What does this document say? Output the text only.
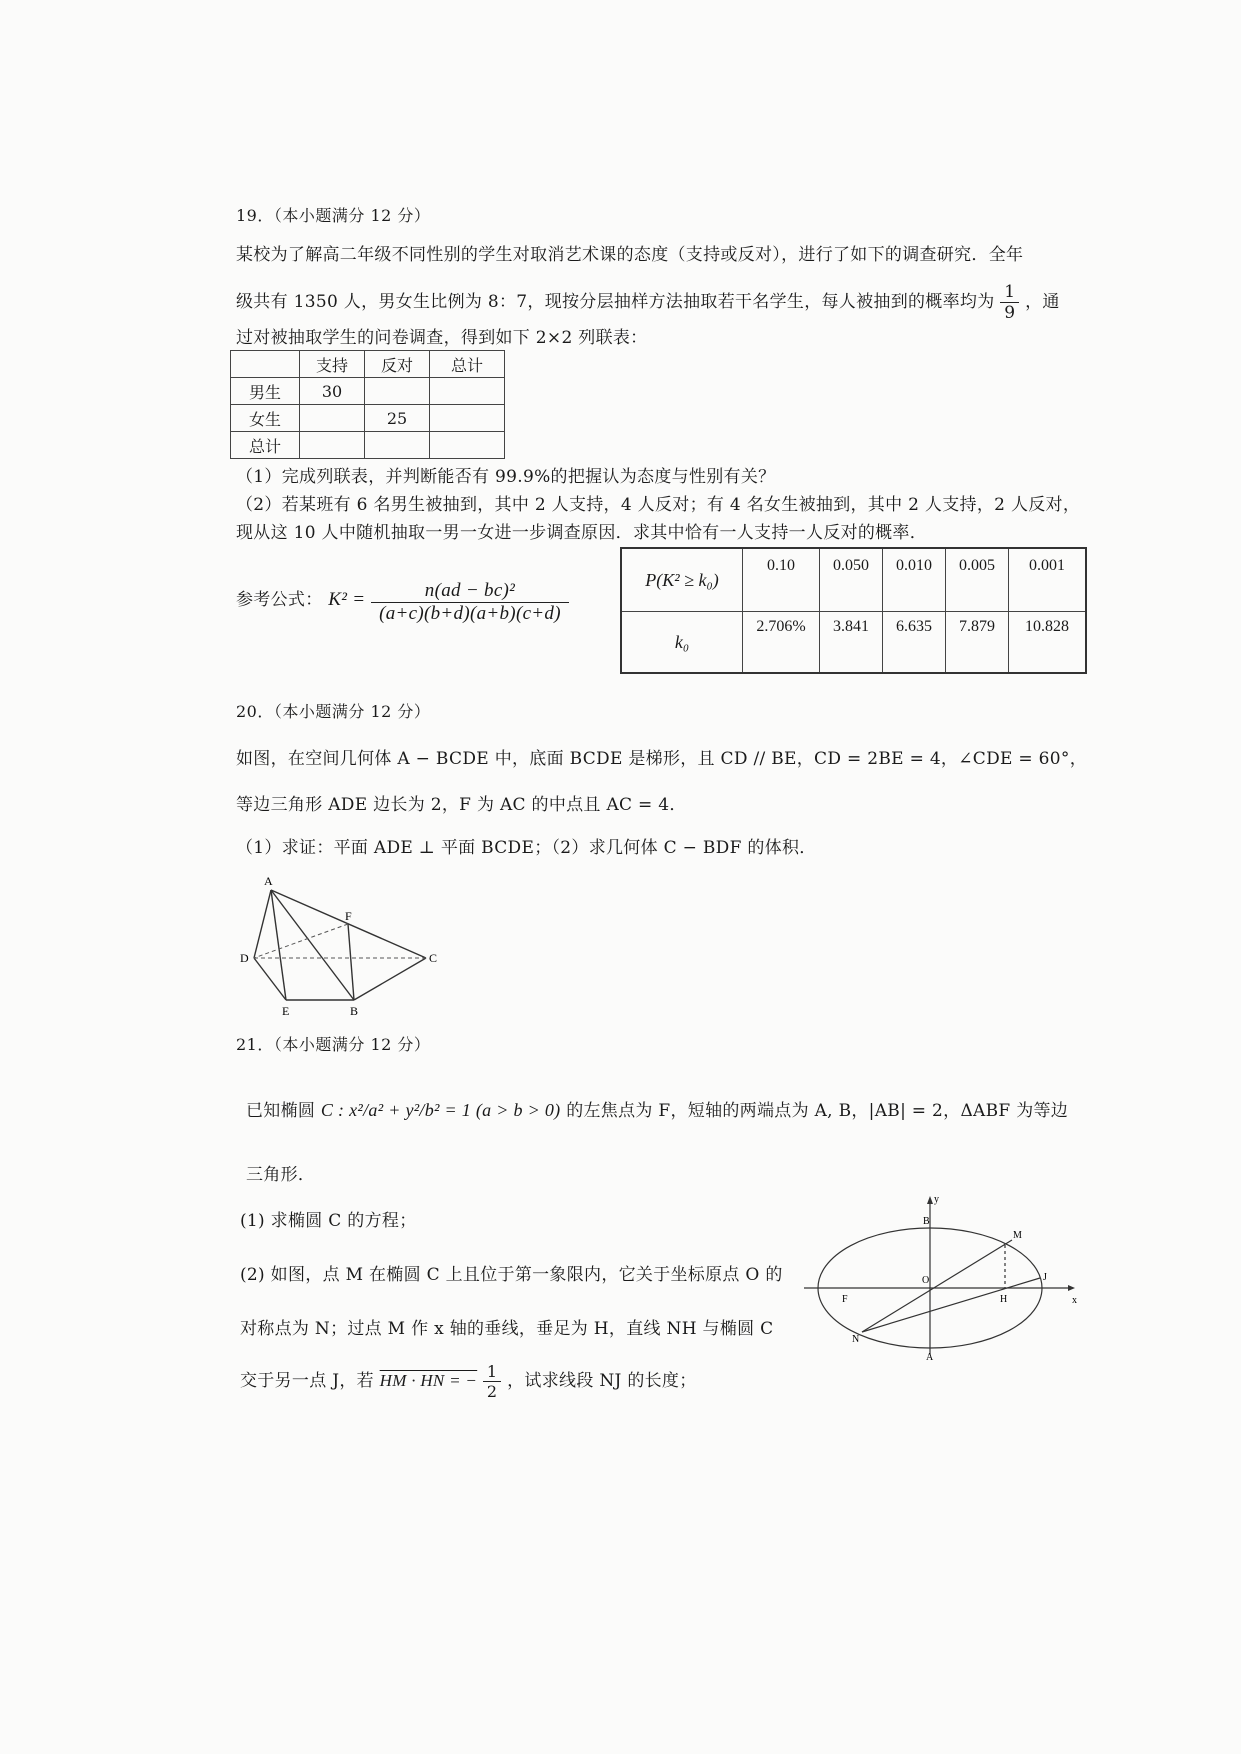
19．（本小题满分 12 分）
某校为了解高二年级不同性别的学生对取消艺术课的态度（支持或反对），进行了如下的调查研究．全年
级共有 1350 人，男女生比例为 8：7，现按分层抽样方法抽取若干名学生，每人被抽到的概率均为 $\frac{1}{9}$ ，通
过对被抽取学生的问卷调查，得到如下 2×2 列联表：
	支持	反对	总计
男生	30		
女生		25	
总计			
（1）完成列联表，并判断能否有 99.9%的把握认为态度与性别有关？
（2）若某班有 6 名男生被抽到，其中 2 人支持，4 人反对；有 4 名女生被抽到，其中 2 人支持，2 人反对，
现从这 10 人中随机抽取一男一女进一步调查原因．求其中恰有一人支持一人反对的概率．
参考公式： $K^2 = \frac{\text{n(ad − bc)²}}{(a+c)(b+d)(a+b)(c+d)}$
P(K² ≥ k₀)	0.10	0.050	0.010	0.005	0.001
k₀	2.706%	3.841	6.635	7.879	10.828
20．（本小题满分 12 分）
如图，在空间几何体 A − BCDE 中，底面 BCDE 是梯形，且 CD // BE，CD = 2BE = 4，∠CDE = 60°，
等边三角形 ADE 边长为 2，F 为 AC 的中点且 AC = 4．
（1）求证：平面 ADE ⊥ 平面 BCDE；（2）求几何体 C − BDF 的体积．
A
F
D	C
E	B
21．（本小题满分 12 分）
已知椭圆 C : x²/a² + y²/b² = 1 (a > b > 0) 的左焦点为 F，短轴的两端点为 A, B，|AB| = 2，ΔABF 为等边
三角形．
(1) 求椭圆 C 的方程；
(2) 如图，点 M 在椭圆 C 上且位于第一象限内，它关于坐标原点 O 的
对称点为 N；过点 M 作 x 轴的垂线，垂足为 H，直线 NH 与椭圆 C
交于另一点 J，若 HM · HN = − $\frac{1}{2}$ ，试求线段 NJ 的长度；
y
x
B
M
O
F	H
J
N
A
